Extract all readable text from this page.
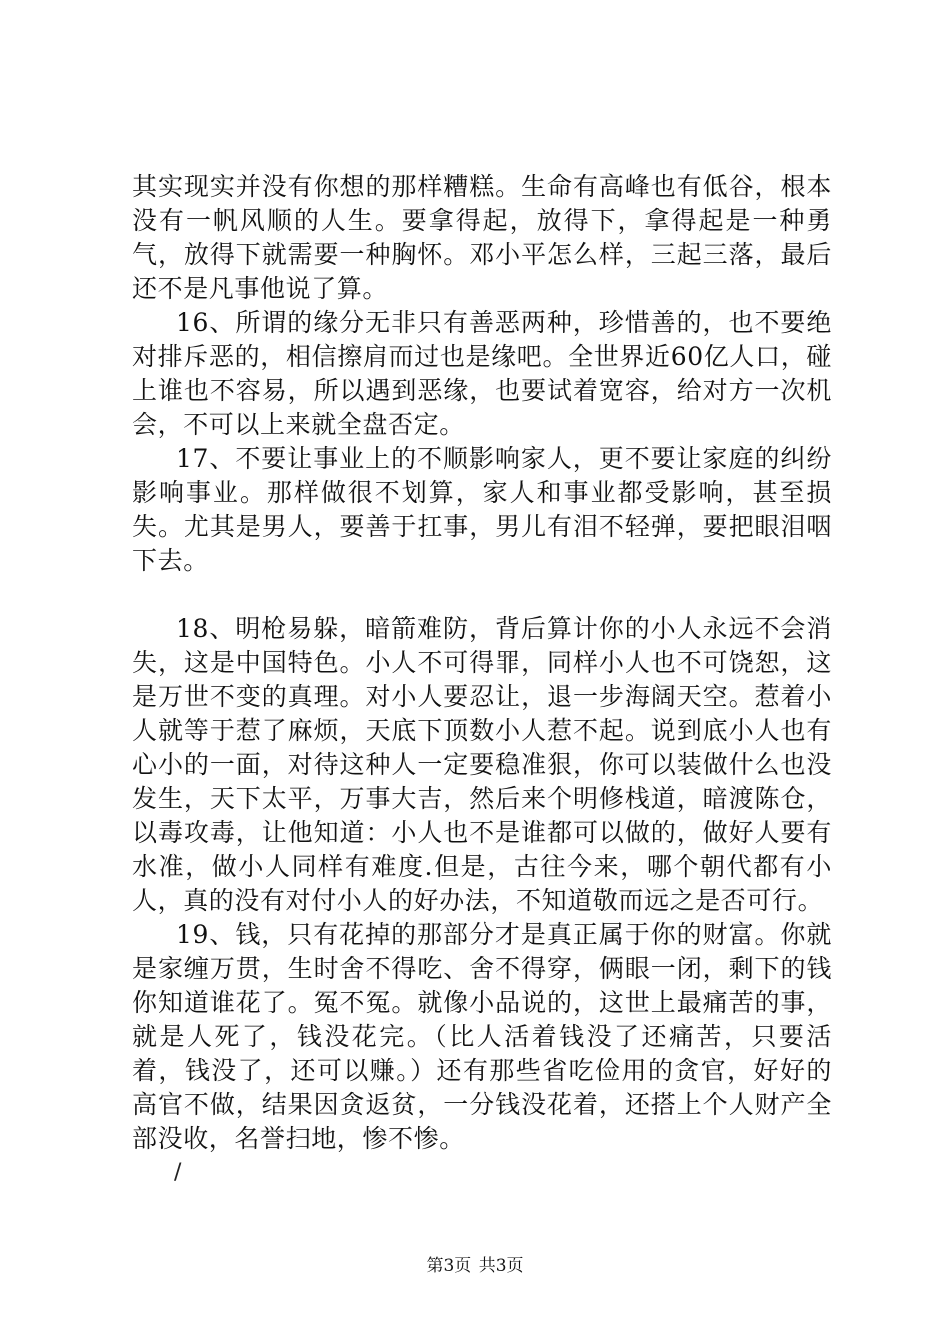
其实现实并没有你想的那样糟糕。生命有高峰也有低谷，根本没有一帆风顺的人生。要拿得起，放得下，拿得起是一种勇气，放得下就需要一种胸怀。邓小平怎么样，三起三落，最后还不是凡事他说了算。

16、所谓的缘分无非只有善恶两种，珍惜善的，也不要绝对排斥恶的，相信擦肩而过也是缘吧。全世界近60亿人口，碰上谁也不容易，所以遇到恶缘，也要试着宽容，给对方一次机会，不可以上来就全盘否定。

17、不要让事业上的不顺影响家人，更不要让家庭的纠纷影响事业。那样做很不划算，家人和事业都受影响，甚至损失。尤其是男人，要善于扛事，男儿有泪不轻弹，要把眼泪咽下去。

18、明枪易躲，暗箭难防，背后算计你的小人永远不会消失，这是中国特色。小人不可得罪，同样小人也不可饶恕，这是万世不变的真理。对小人要忍让，退一步海阔天空。惹着小人就等于惹了麻烦，天底下顶数小人惹不起。说到底小人也有心小的一面，对待这种人一定要稳准狠，你可以装做什么也没发生，天下太平，万事大吉，然后来个明修栈道，暗渡陈仓，以毒攻毒，让他知道：小人也不是谁都可以做的，做好人要有水准，做小人同样有难度.但是，古往今来，哪个朝代都有小人，真的没有对付小人的好办法，不知道敬而远之是否可行。

19、钱，只有花掉的那部分才是真正属于你的财富。你就是家缠万贯，生时舍不得吃、舍不得穿，俩眼一闭，剩下的钱你知道谁花了。冤不冤。就像小品说的，这世上最痛苦的事，就是人死了，钱没花完。（比人活着钱没了还痛苦，只要活着，钱没了，还可以赚。）还有那些省吃俭用的贪官，好好的高官不做，结果因贪返贫，一分钱没花着，还搭上个人财产全部没收，名誉扫地，惨不惨。

/

第3页 共3页
